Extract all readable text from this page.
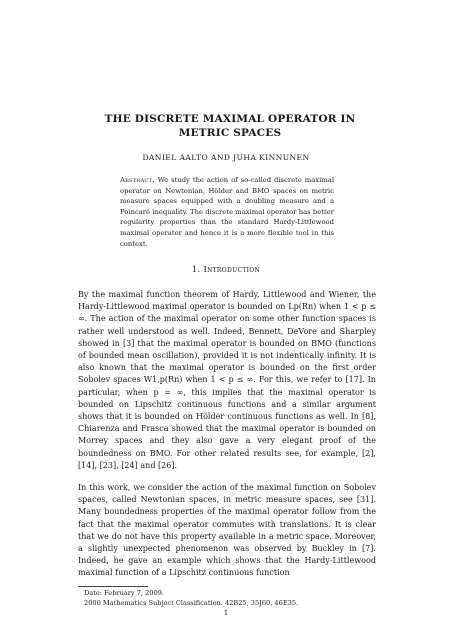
THE DISCRETE MAXIMAL OPERATOR IN METRIC SPACES
DANIEL AALTO AND JUHA KINNUNEN
Abstract. We study the action of so-called discrete maximal operator on Newtonian, Hölder and BMO spaces on metric measure spaces equipped with a doubling measure and a Poincaré inequality. The discrete maximal operator has better regularity properties than the standard Hardy-Littlewood maximal operator and hence it is a more flexible tool in this context.
1. Introduction
By the maximal function theorem of Hardy, Littlewood and Wiener, the Hardy-Littlewood maximal operator is bounded on Lp(Rn) when 1 < p ≤ ∞. The action of the maximal operator on some other function spaces is rather well understood as well. Indeed, Bennett, DeVore and Sharpley showed in [3] that the maximal operator is bounded on BMO (functions of bounded mean oscillation), provided it is not indentically infinity. It is also known that the maximal operator is bounded on the first order Sobolev spaces W1,p(Rn) when 1 < p ≤ ∞. For this, we refer to [17]. In particular, when p = ∞, this implies that the maximal operator is bounded on Lipschitz continuous functions and a similar argument shows that it is bounded on Hölder continuous functions as well. In [8], Chiarenza and Frasca showed that the maximal operator is bounded on Morrey spaces and they also gave a very elegant proof of the boundedness on BMO. For other related results see, for example, [2], [14], [23], [24] and [26].
In this work, we consider the action of the maximal function on Sobolev spaces, called Newtonian spaces, in metric measure spaces, see [31]. Many boundedness properties of the maximal operator follow from the fact that the maximal operator commutes with translations. It is clear that we do not have this property available in a metric space. Moreover, a slightly unexpected phenomenon was observed by Buckley in [7]. Indeed, he gave an example which shows that the Hardy-Littlewood maximal function of a Lipschitz continuous function
Date: February 7, 2009.
2000 Mathematics Subject Classification. 42B25, 35J60, 46E35.
1
